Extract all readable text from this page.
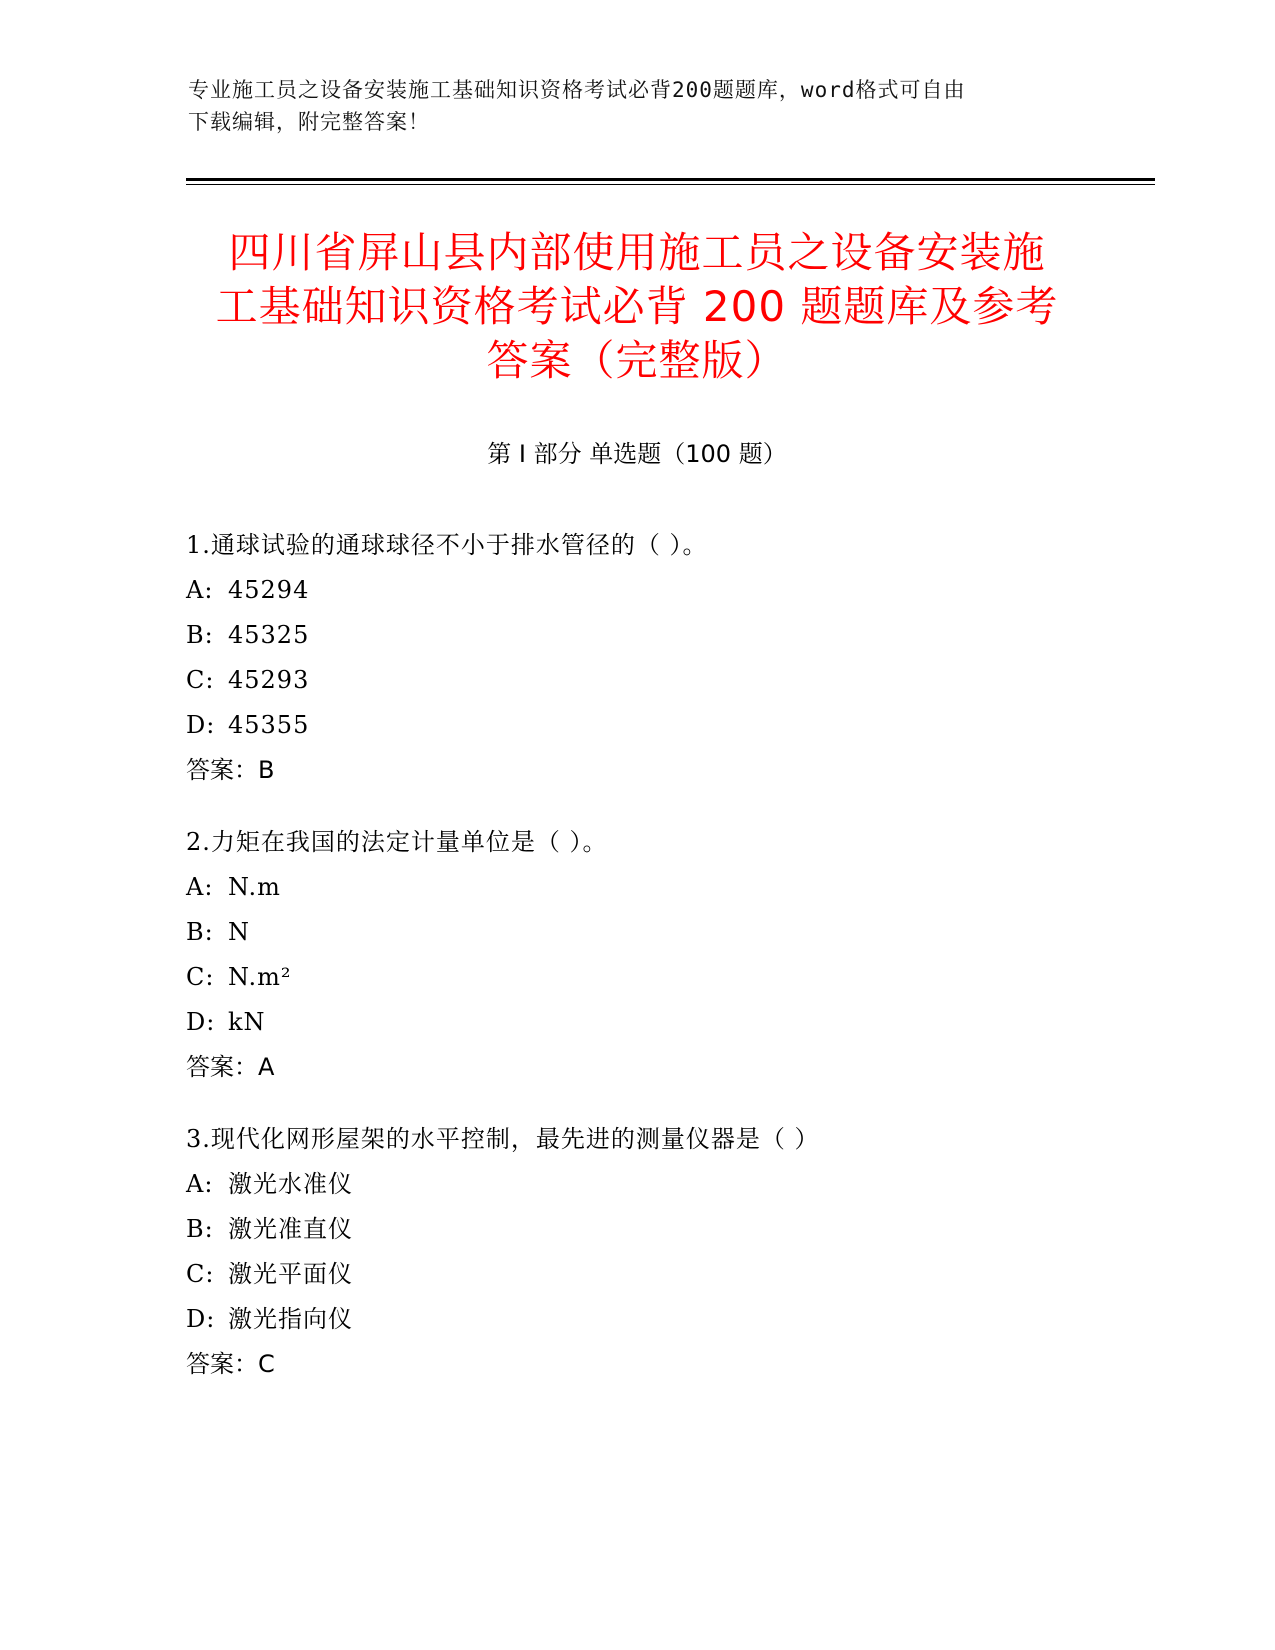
专业施工员之设备安装施工基础知识资格考试必背200题题库，word格式可自由
下载编辑，附完整答案！
四川省屏山县内部使用施工员之设备安装施
工基础知识资格考试必背 200 题题库及参考
答案（完整版）
第 I 部分 单选题（100 题）
1.通球试验的通球球径不小于排水管径的（ ）。
A: 45294
B: 45325
C: 45293
D: 45355
答案：B
2.力矩在我国的法定计量单位是（ ）。
A: N.m
B: N
C: N.m²
D: kN
答案：A
3.现代化网形屋架的水平控制，最先进的测量仪器是（ ）
A: 激光水准仪
B: 激光准直仪
C: 激光平面仪
D: 激光指向仪
答案：C
